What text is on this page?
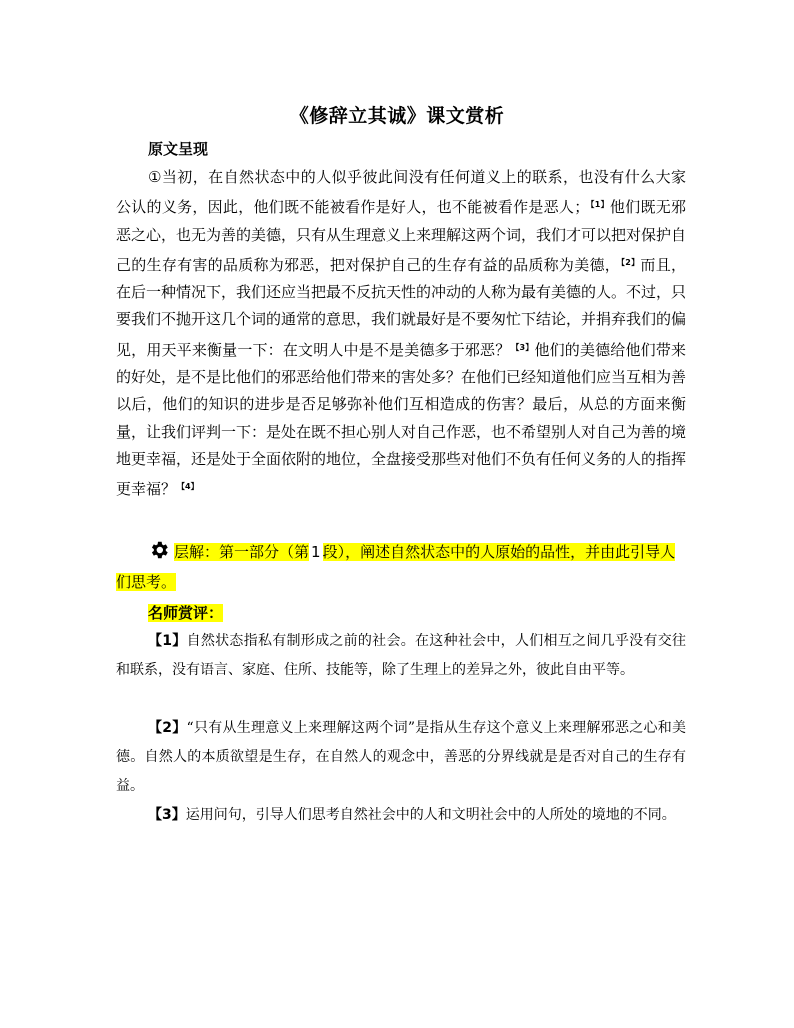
《修辞立其诚》课文赏析
原文呈现
①当初，在自然状态中的人似乎彼此间没有任何道义上的联系，也没有什么大家公认的义务，因此，他们既不能被看作是好人，也不能被看作是恶人；$^{【1】}$他们既无邪恶之心，也无为善的美德，只有从生理意义上来理解这两个词，我们才可以把对保护自己的生存有害的品质称为邪恶，把对保护自己的生存有益的品质称为美德，$^{【2】}$而且，在后一种情况下，我们还应当把最不反抗天性的冲动的人称为最有美德的人。不过，只要我们不抛开这几个词的通常的意思，我们就最好是不要匆忙下结论，并捐弃我们的偏见，用天平来衡量一下：在文明人中是不是美德多于邪恶？$^{【3】}$他们的美德给他们带来的好处，是不是比他们的邪恶给他们带来的害处多？在他们已经知道他们应当互相为善以后，他们的知识的进步是否足够弥补他们互相造成的伤害？最后，从总的方面来衡量，让我们评判一下：是处在既不担心别人对自己作恶，也不希望别人对自己为善的境地更幸福，还是处于全面依附的地位，全盘接受那些对他们不负有任何义务的人的指挥更幸福？$^{【4】}$
层解：第一部分（第 1 段），阐述自然状态中的人原始的品性，并由此引导人们思考。
名师赏评：
【1】自然状态指私有制形成之前的社会。在这种社会中，人们相互之间几乎没有交往和联系，没有语言、家庭、住所、技能等，除了生理上的差异之外，彼此自由平等。
【2】“只有从生理意义上来理解这两个词”是指从生存这个意义上来理解邪恶之心和美德。自然人的本质欲望是生存，在自然人的观念中，善恶的分界线就是是否对自己的生存有益。
【3】运用问句，引导人们思考自然社会中的人和文明社会中的人所处的境地的不同。
